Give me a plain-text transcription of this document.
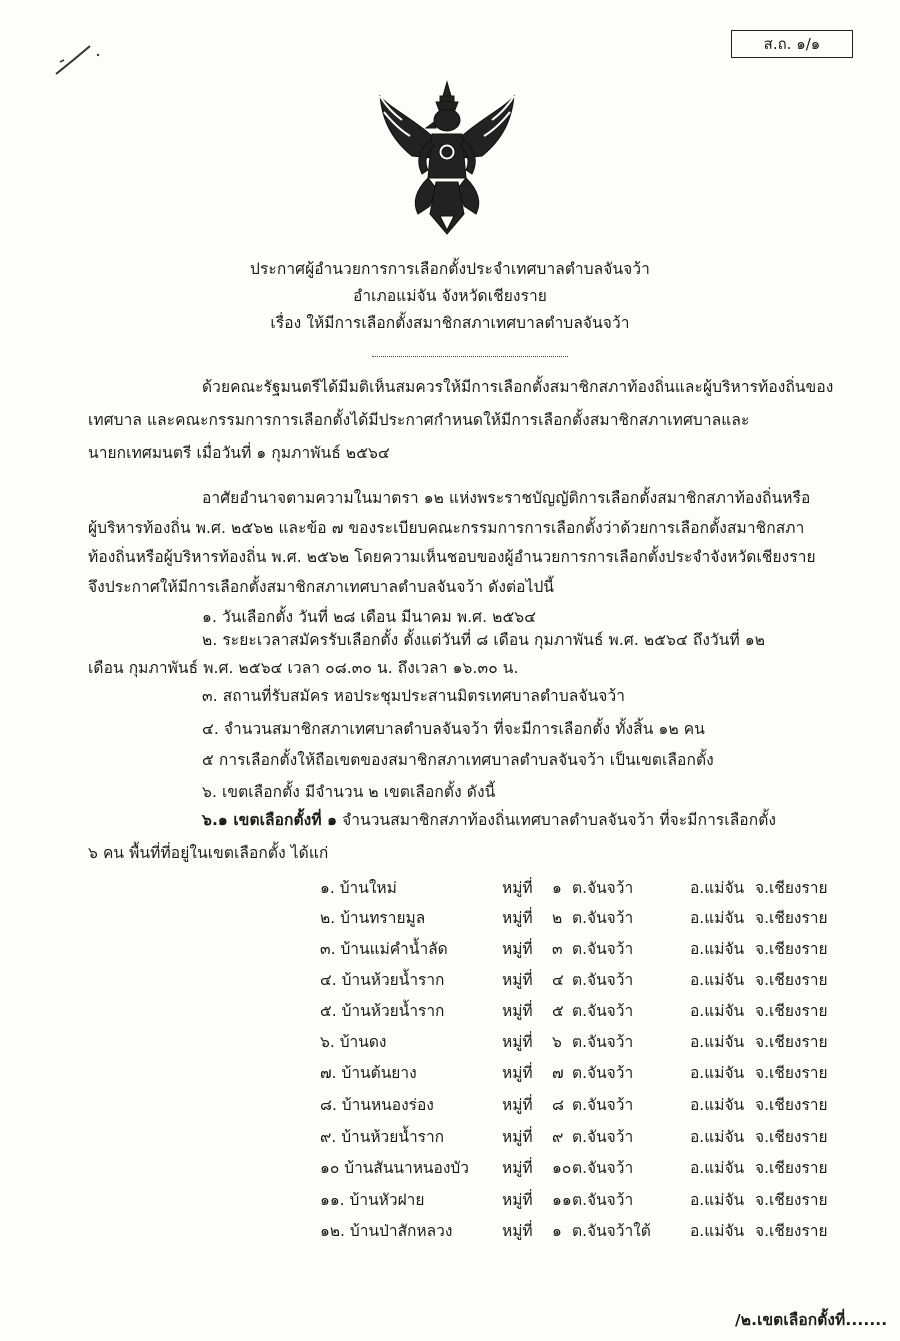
ส.ถ. ๑/๑
ประกาศผู้อำนวยการการเลือกตั้งประจำเทศบาลตำบลจันจว้า
อำเภอแม่จัน จังหวัดเชียงราย
เรื่อง ให้มีการเลือกตั้งสมาชิกสภาเทศบาลตำบลจันจว้า
ด้วยคณะรัฐมนตรีได้มีมติเห็นสมควรให้มีการเลือกตั้งสมาชิกสภาท้องถิ่นและผู้บริหารท้องถิ่นของ
เทศบาล และคณะกรรมการการเลือกตั้งได้มีประกาศกำหนดให้มีการเลือกตั้งสมาชิกสภาเทศบาลและ
นายกเทศมนตรี เมื่อวันที่ ๑ กุมภาพันธ์ ๒๕๖๔
อาศัยอำนาจตามความในมาตรา ๑๒ แห่งพระราชบัญญัติการเลือกตั้งสมาชิกสภาท้องถิ่นหรือ
ผู้บริหารท้องถิ่น พ.ศ. ๒๕๖๒ และข้อ ๗ ของระเบียบคณะกรรมการการเลือกตั้งว่าด้วยการเลือกตั้งสมาชิกสภา
ท้องถิ่นหรือผู้บริหารท้องถิ่น พ.ศ. ๒๕๖๒ โดยความเห็นชอบของผู้อำนวยการการเลือกตั้งประจำจังหวัดเชียงราย
จึงประกาศให้มีการเลือกตั้งสมาชิกสภาเทศบาลตำบลจันจว้า ดังต่อไปนี้
๑. วันเลือกตั้ง วันที่ ๒๘ เดือน มีนาคม พ.ศ. ๒๕๖๔
๒. ระยะเวลาสมัครรับเลือกตั้ง ตั้งแต่วันที่ ๘ เดือน กุมภาพันธ์ พ.ศ. ๒๕๖๔ ถึงวันที่ ๑๒
เดือน กุมภาพันธ์ พ.ศ. ๒๕๖๔ เวลา ๐๘.๓๐ น. ถึงเวลา ๑๖.๓๐ น.
๓. สถานที่รับสมัคร หอประชุมประสานมิตรเทศบาลตำบลจันจว้า
๔. จำนวนสมาชิกสภาเทศบาลตำบลจันจว้า ที่จะมีการเลือกตั้ง ทั้งสิ้น ๑๒ คน
๕ การเลือกตั้งให้ถือเขตของสมาชิกสภาเทศบาลตำบลจันจว้า เป็นเขตเลือกตั้ง
๖. เขตเลือกตั้ง มีจำนวน ๒ เขตเลือกตั้ง ดังนี้
๖.๑ เขตเลือกตั้งที่ ๑ จำนวนสมาชิกสภาท้องถิ่นเทศบาลตำบลจันจว้า ที่จะมีการเลือกตั้ง
๖ คน พื้นที่ที่อยู่ในเขตเลือกตั้ง ได้แก่
๑. บ้านใหม่	หมู่ที่ ๑ ต.จันจว้า	อ.แม่จัน จ.เชียงราย
๒. บ้านทรายมูล	หมู่ที่ ๒ ต.จันจว้า	อ.แม่จัน จ.เชียงราย
๓. บ้านแม่คำน้ำลัด	หมู่ที่ ๓ ต.จันจว้า	อ.แม่จัน จ.เชียงราย
๔. บ้านห้วยน้ำราก	หมู่ที่ ๔ ต.จันจว้า	อ.แม่จัน จ.เชียงราย
๕. บ้านห้วยน้ำราก	หมู่ที่ ๕ ต.จันจว้า	อ.แม่จัน จ.เชียงราย
๖. บ้านดง	หมู่ที่ ๖ ต.จันจว้า	อ.แม่จัน จ.เชียงราย
๗. บ้านต้นยาง	หมู่ที่ ๗ ต.จันจว้า	อ.แม่จัน จ.เชียงราย
๘. บ้านหนองร่อง	หมู่ที่ ๘ ต.จันจว้า	อ.แม่จัน จ.เชียงราย
๙. บ้านห้วยน้ำราก	หมู่ที่ ๙ ต.จันจว้า	อ.แม่จัน จ.เชียงราย
๑๐ บ้านสันนาหนองบัว หมู่ที่ ๑๐ ต.จันจว้า	อ.แม่จัน จ.เชียงราย
๑๑. บ้านหัวฝาย	หมู่ที่ ๑๑ ต.จันจว้า	อ.แม่จัน จ.เชียงราย
๑๒. บ้านป่าสักหลวง	หมู่ที่ ๑ ต.จันจว้าใต้	อ.แม่จัน จ.เชียงราย
/๒.เขตเลือกตั้งที่.......
